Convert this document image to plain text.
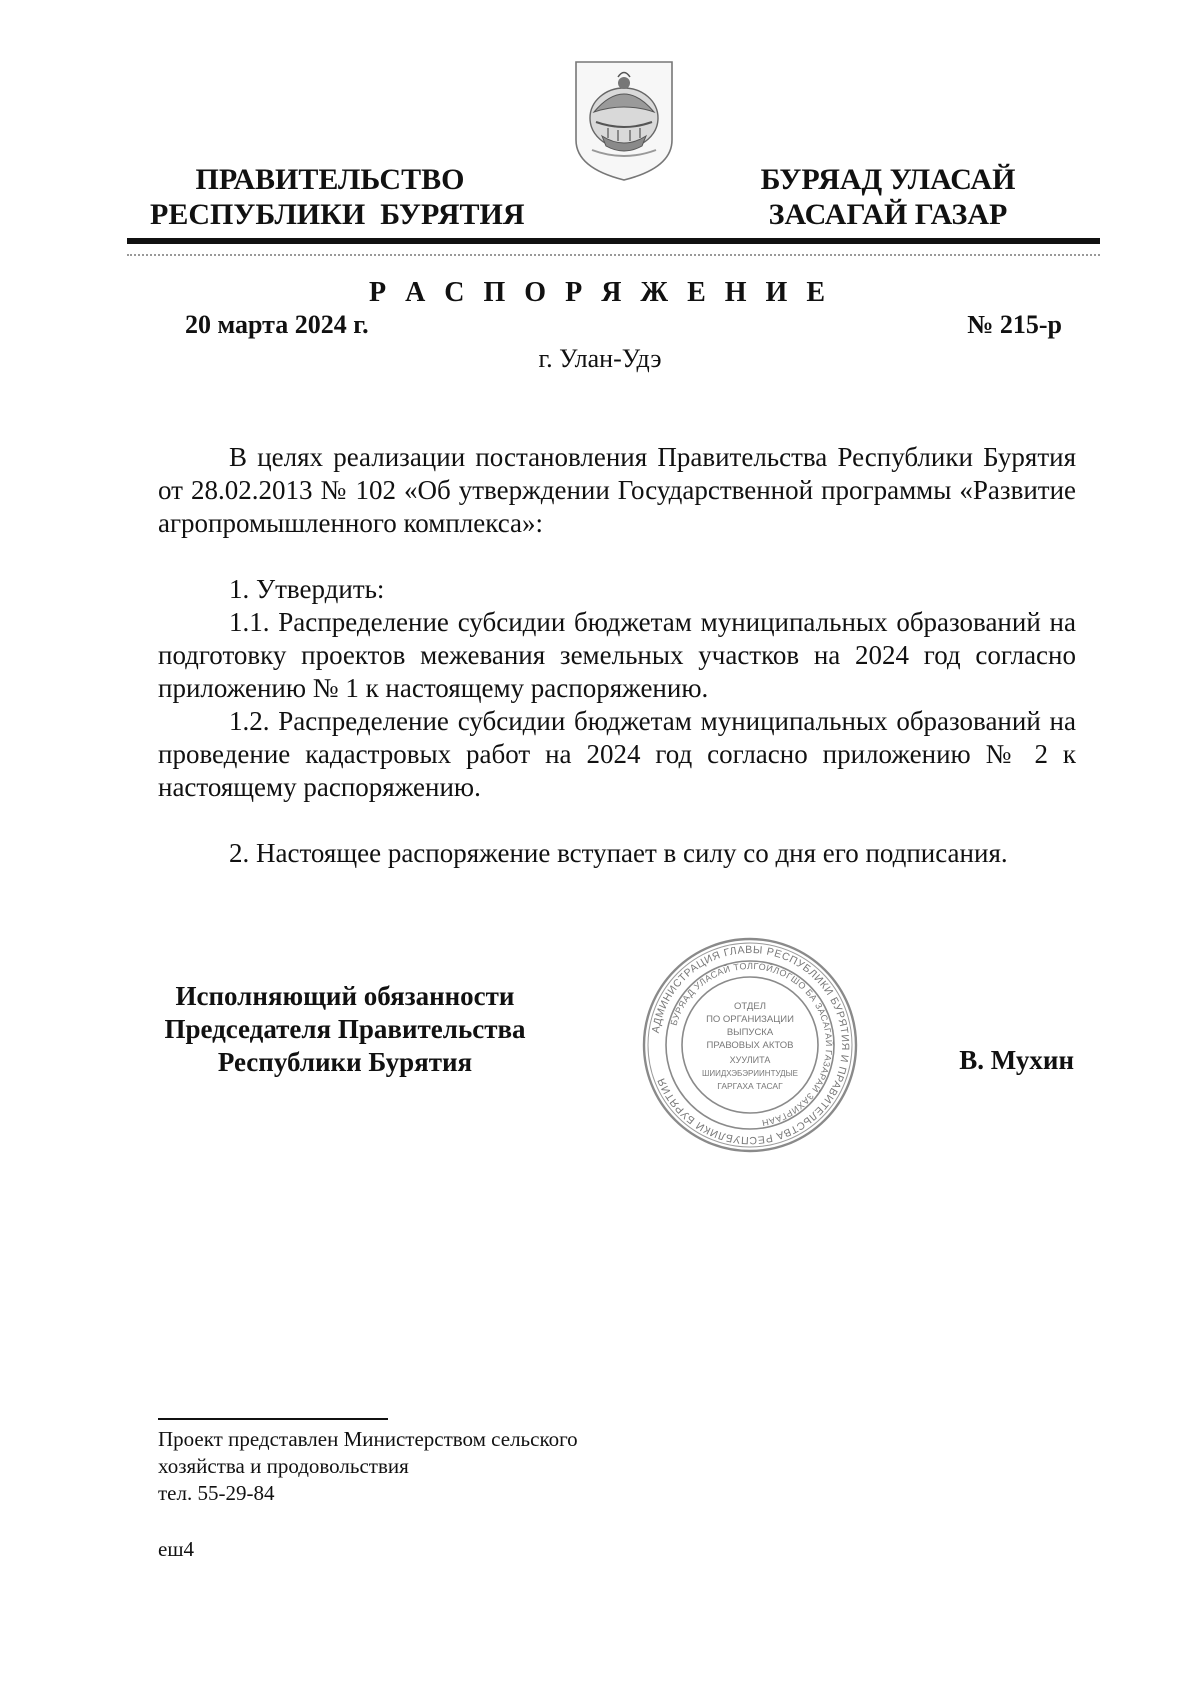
ПРАВИТЕЛЬСТВО
РЕСПУБЛИКИ  БУРЯТИЯ
БУРЯАД УЛАСАЙ
ЗАСАГАЙ ГАЗАР
Р А С П О Р Я Ж Е Н И Е
20 марта 2024 г.	№ 215-р
г. Улан-Удэ

В целях реализации постановления Правительства Республики Бурятия от 28.02.2013 № 102 «Об утверждении Государственной программы «Развитие агропромышленного комплекса»:

1. Утвердить:

1.1. Распределение субсидии бюджетам муниципальных образований на подготовку проектов межевания земельных участков на 2024 год согласно приложению № 1 к настоящему распоряжению.

1.2. Распределение субсидии бюджетам муниципальных образований на проведение кадастровых работ на 2024 год согласно приложению № 2 к настоящему распоряжению.

2. Настоящее распоряжение вступает в силу со дня его подписания.

Исполняющий обязанности
Председателя Правительства
Республики Бурятия
АДМИНИСТРАЦИЯ ГЛАВЫ РЕСПУБЛИКИ БУРЯТИЯ И ПРАВИТЕЛЬСТВА РЕСПУБЛИКИ БУРЯТИЯ
БУРЯАД УЛАСАЙ ТОЛГОЙЛОГШО БА ЗАСАГАЙ ГАЗАРАЙ ЗАХИРГААН
ОТДЕЛ
ПО ОРГАНИЗАЦИИ
ВЫПУСКА
ПРАВОВЫХ АКТОВ
ХУУЛИТА
ШИИДХЭБЭРИИНТУДЫЕ
ГАРГАХА ТАСАГ
В. Мухин
Проект представлен Министерством сельского
хозяйства и продовольствия
тел. 55-29-84
еш4
